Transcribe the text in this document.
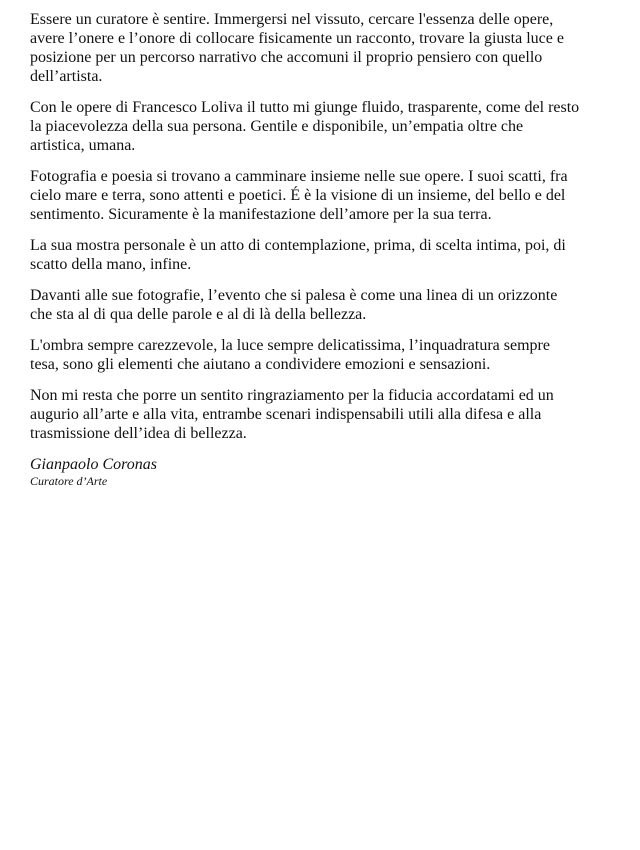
Essere un curatore è sentire. Immergersi nel vissuto, cercare l'essenza delle opere,
avere l’onere e l’onore di collocare fisicamente un racconto, trovare la giusta luce e
posizione per un percorso narrativo che accomuni il proprio pensiero con quello
dell’artista.

Con le opere di Francesco Loliva il tutto mi giunge fluido, trasparente, come del resto
la piacevolezza della sua persona. Gentile e disponibile, un’empatia oltre che
artistica, umana.

Fotografia e poesia si trovano a camminare insieme nelle sue opere. I suoi scatti, fra
cielo mare e terra, sono attenti e poetici. É è la visione di un insieme, del bello e del
sentimento. Sicuramente è la manifestazione dell’amore per la sua terra.

La sua mostra personale è un atto di contemplazione, prima, di scelta intima, poi, di
scatto della mano, infine.

Davanti alle sue fotografie, l’evento che si palesa è come una linea di un orizzonte
che sta al di qua delle parole e al di là della bellezza.

L'ombra sempre carezzevole, la luce sempre delicatissima, l’inquadratura sempre
tesa, sono gli elementi che aiutano a condividere emozioni e sensazioni.

Non mi resta che porre un sentito ringraziamento per la fiducia accordatami ed un
augurio all’arte e alla vita, entrambe scenari indispensabili utili alla difesa e alla
trasmissione dell’idea di bellezza.

Gianpaolo Coronas

Curatore d’Arte
